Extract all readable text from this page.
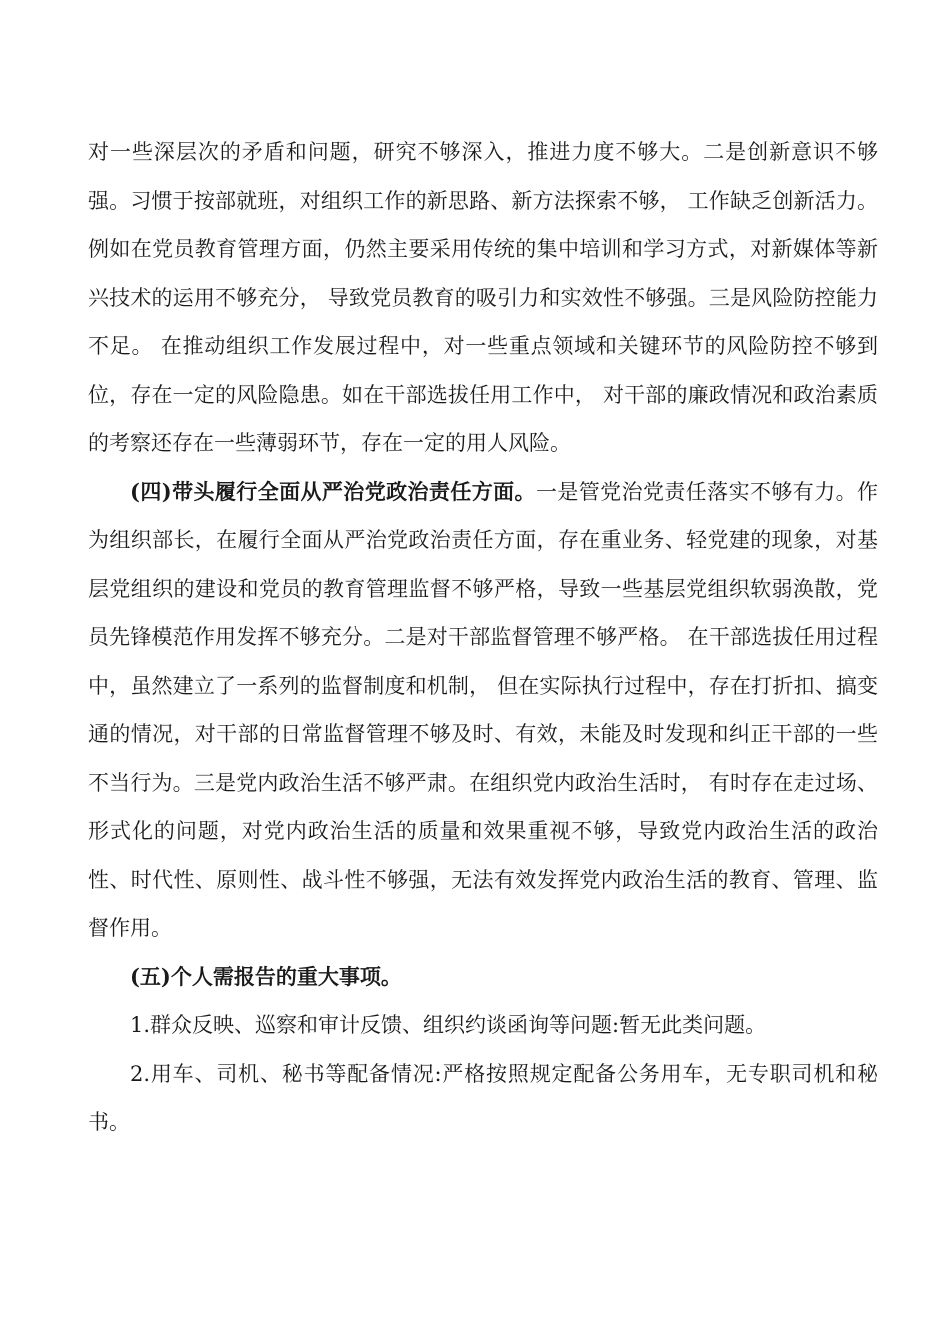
对一些深层次的矛盾和问题，研究不够深入，推进力度不够大。二是创新意识不够强。习惯于按部就班，对组织工作的新思路、新方法探索不够， 工作缺乏创新活力。例如在党员教育管理方面，仍然主要采用传统的集中培训和学习方式，对新媒体等新兴技术的运用不够充分， 导致党员教育的吸引力和实效性不够强。三是风险防控能力不足。 在推动组织工作发展过程中，对一些重点领域和关键环节的风险防控不够到位，存在一定的风险隐患。如在干部选拔任用工作中， 对干部的廉政情况和政治素质的考察还存在一些薄弱环节，存在一定的用人风险。

(四)带头履行全面从严治党政治责任方面。一是管党治党责任落实不够有力。作为组织部长，在履行全面从严治党政治责任方面，存在重业务、轻党建的现象，对基层党组织的建设和党员的教育管理监督不够严格，导致一些基层党组织软弱涣散，党员先锋模范作用发挥不够充分。二是对干部监督管理不够严格。 在干部选拔任用过程中，虽然建立了一系列的监督制度和机制， 但在实际执行过程中，存在打折扣、搞变通的情况，对干部的日常监督管理不够及时、有效，未能及时发现和纠正干部的一些不当行为。三是党内政治生活不够严肃。在组织党内政治生活时， 有时存在走过场、形式化的问题，对党内政治生活的质量和效果重视不够，导致党内政治生活的政治性、时代性、原则性、战斗性不够强，无法有效发挥党内政治生活的教育、管理、监督作用。

(五)个人需报告的重大事项。

1.群众反映、巡察和审计反馈、组织约谈函询等问题:暂无此类问题。

2.用车、司机、秘书等配备情况:严格按照规定配备公务用车，无专职司机和秘书。
